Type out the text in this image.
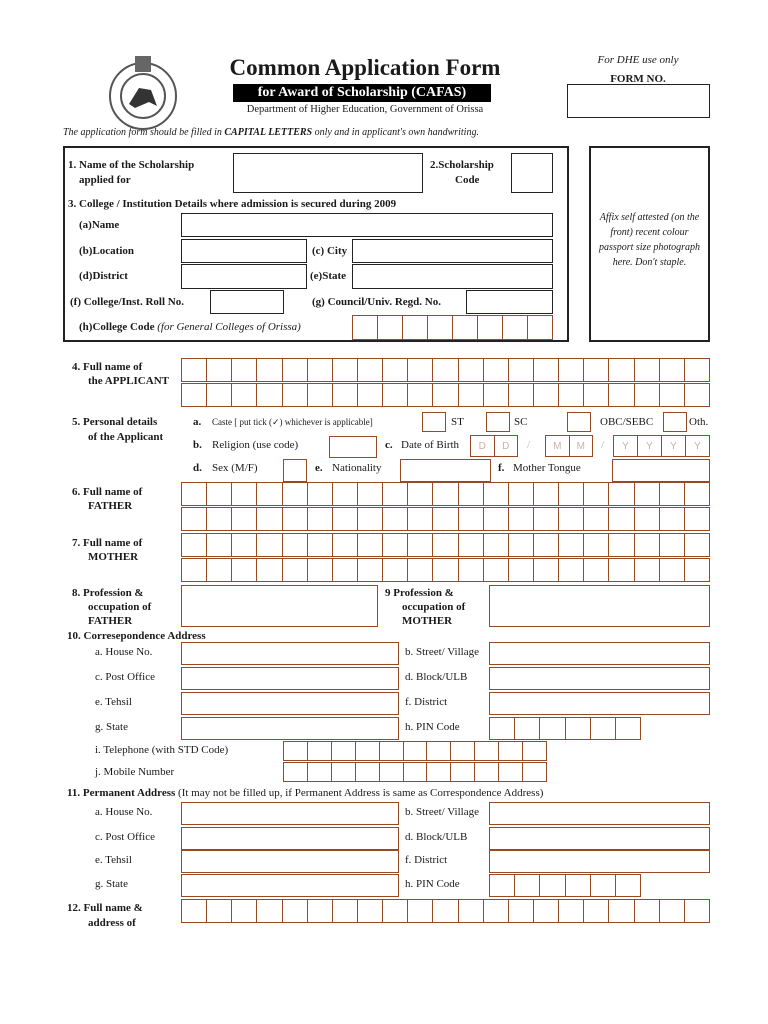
Common Application Form
for Award of Scholarship (CAFAS)
Department of Higher Education, Government of Orissa
For DHE use only
FORM NO.
The application form should be filled in CAPITAL LETTERS only and in applicant's own handwriting.
Affix self attested (on the front) recent colour passport size photograph here. Don't staple.
1. Name of the Scholarship
applied for
2.Scholarship
Code
3. College / Institution Details where admission is secured during 2009
(a)Name
(b)Location	(c) City
(d)District	(e)State
(f) College/Inst. Roll No.	(g) Council/Univ. Regd. No.
(h)College Code (for General Colleges of Orissa)
4. Full name of
the APPLICANT
5. Personal details
of the Applicant
a. Caste [ put tick (✓) whichever is applicable]	ST	SC	OBC/SEBC	Oth.
b. Religion (use code)	c. Date of Birth	D	D	/	M	M	/	Y	Y	Y	Y
d. Sex (M/F)	e. Nationality	f. Mother Tongue
6. Full name of
FATHER
7. Full name of
MOTHER
8. Profession &
occupation of
FATHER
9 Profession &
occupation of
MOTHER
10. Corresepondence Address
a. House No.	b. Street/ Village
c. Post Office	d. Block/ULB
e. Tehsil	f. District
g. State	h. PIN Code
i. Telephone (with STD Code)
j. Mobile Number
11. Permanent Address (It may not be filled up, if Permanent Address is same as Correspondence Address)
a. House No.	b. Street/ Village
c. Post Office	d. Block/ULB
e. Tehsil	f. District
g. State	h. PIN Code
12. Full name &
address of
